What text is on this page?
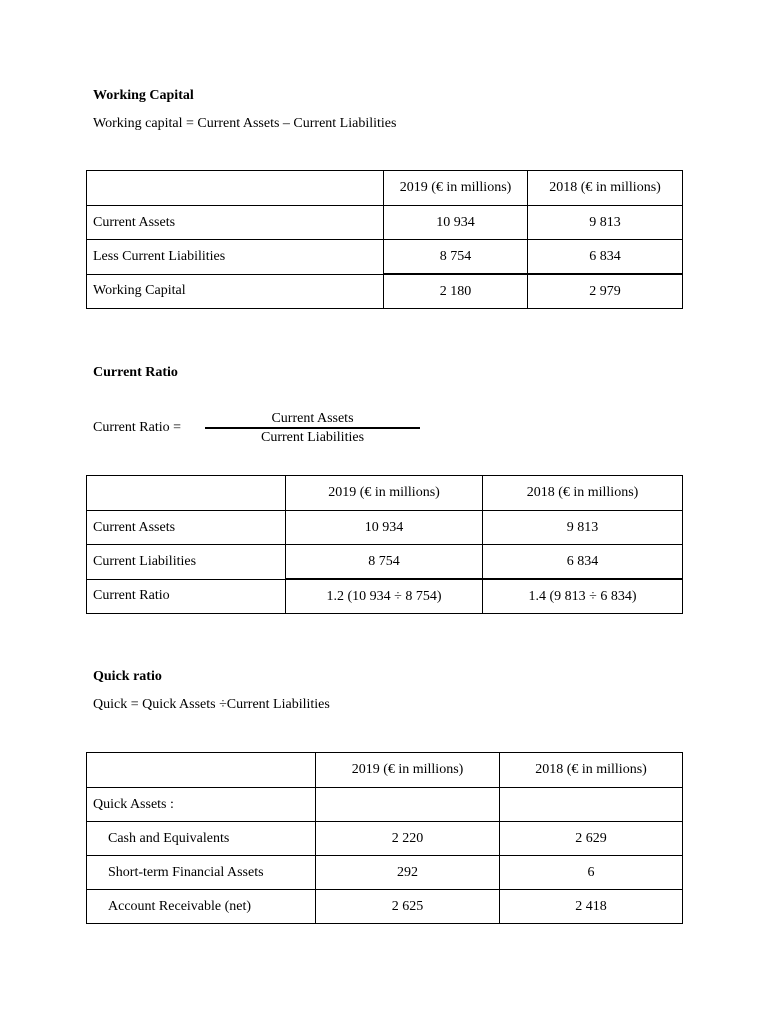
Working Capital
Working capital = Current Assets – Current Liabilities
	2019 (€ in millions)	2018 (€ in millions)
Current Assets	10 934	9 813
Less Current Liabilities	8 754	6 834
Working Capital	2 180	2 979
Current Ratio
Current Ratio =
Current Assets
Current Liabilities
	2019 (€ in millions)	2018 (€ in millions)
Current Assets	10 934	9 813
Current Liabilities	8 754	6 834
Current Ratio	1.2 (10 934 ÷ 8 754)	1.4 (9 813 ÷ 6 834)
Quick ratio
Quick = Quick Assets ÷Current Liabilities
	2019 (€ in millions)	2018 (€ in millions)
Quick Assets :		
Cash and Equivalents	2 220	2 629
Short-term Financial Assets	292	6
Account Receivable (net)	2 625	2 418
